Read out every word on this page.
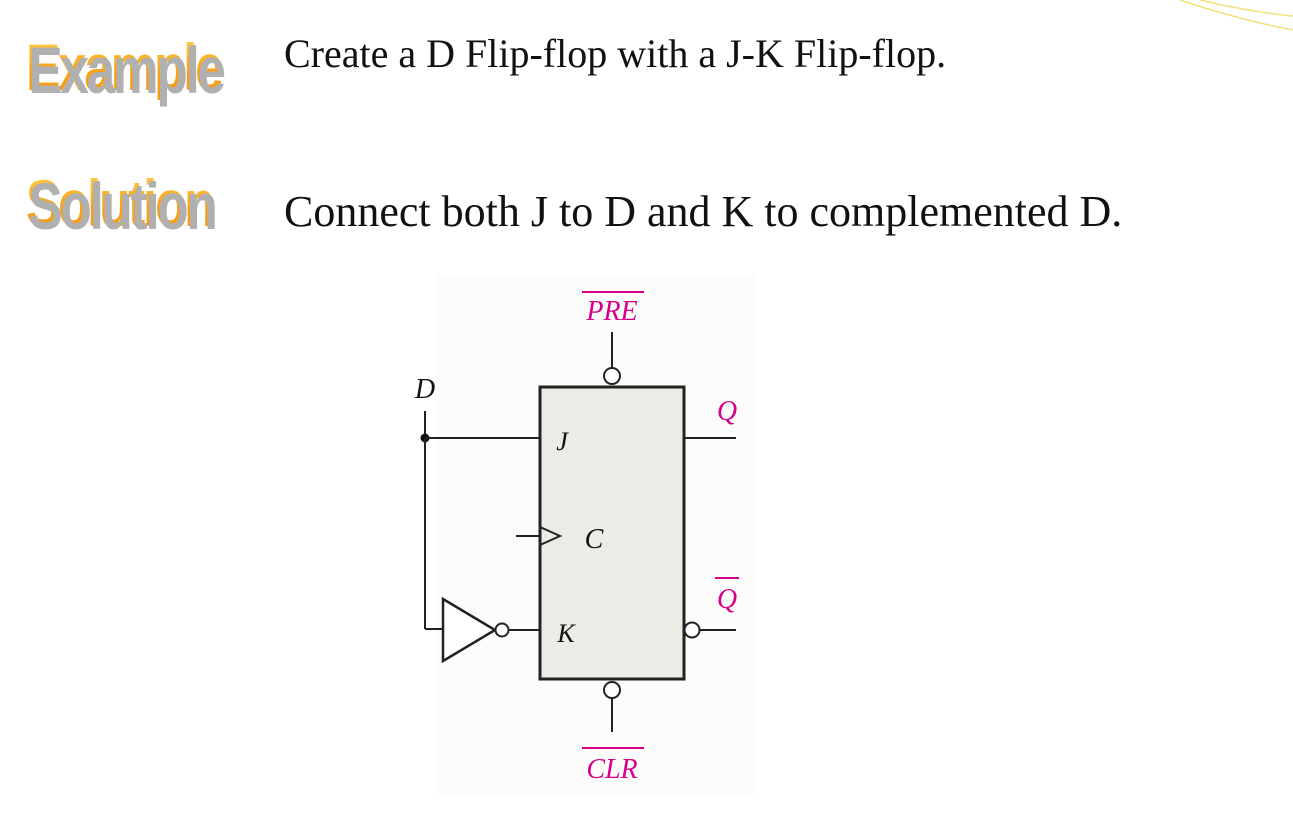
Example Create a D Flip-flop with a J-K Flip-flop.
Solution Connect both J to D and K to complemented D.
PRE
D
J
K
C
Q
Q
CLR
